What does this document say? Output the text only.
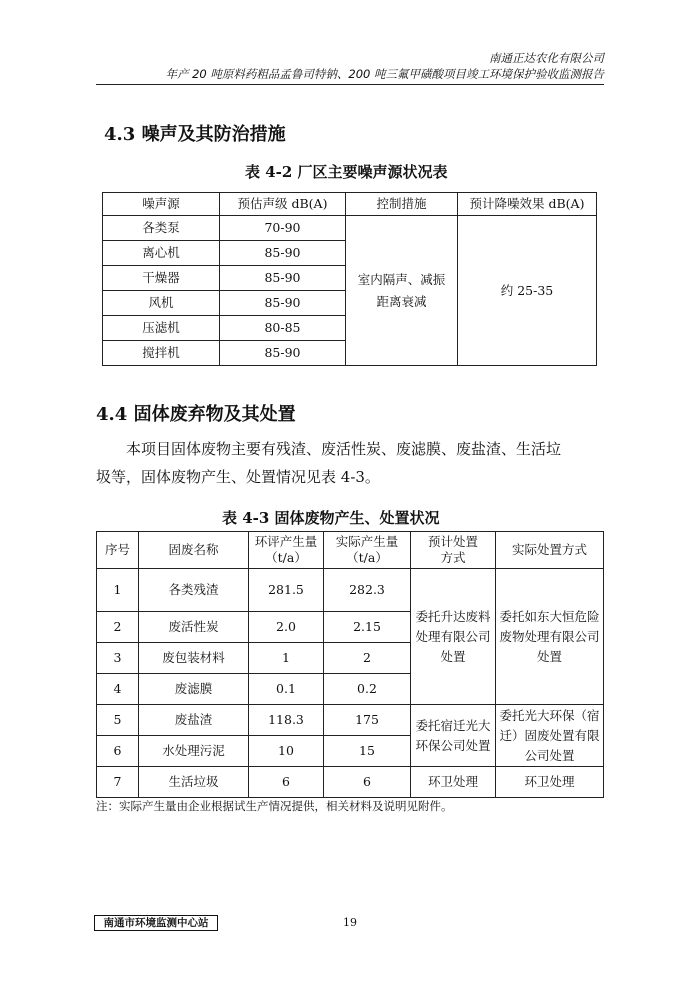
南通正达农化有限公司
年产 20 吨原料药粗品孟鲁司特钠、200 吨三氟甲磺酸项目竣工环境保护验收监测报告
4.3 噪声及其防治措施
表 4-2 厂区主要噪声源状况表
噪声源	预估声级 dB(A)	控制措施	预计降噪效果 dB(A)
各类泵	70-90	室内隔声、减振距离衰减	约 25-35
离心机	85-90		
干燥器	85-90		
风机	85-90		
压滤机	80-85		
搅拌机	85-90		
4.4 固体废弃物及其处置
本项目固体废物主要有残渣、废活性炭、废滤膜、废盐渣、生活垃
圾等，固体废物产生、处置情况见表 4-3。
表 4-3 固体废物产生、处置状况
序号	固废名称	环评产生量（t/a）	实际产生量（t/a）	预计处置方式	实际处置方式
1	各类残渣	281.5	282.3	委托升达废料处理有限公司处置	委托如东大恒危险废物处理有限公司处置
2	废活性炭	2.0	2.15		
3	废包装材料	1	2		
4	废滤膜	0.1	0.2		
5	废盐渣	118.3	175	委托宿迁光大环保公司处置	委托光大环保（宿迁）固废处置有限公司处置
6	水处理污泥	10	15		
7	生活垃圾	6	6	环卫处理	环卫处理
注：实际产生量由企业根据试生产情况提供，相关材料及说明见附件。
南通市环境监测中心站	19
